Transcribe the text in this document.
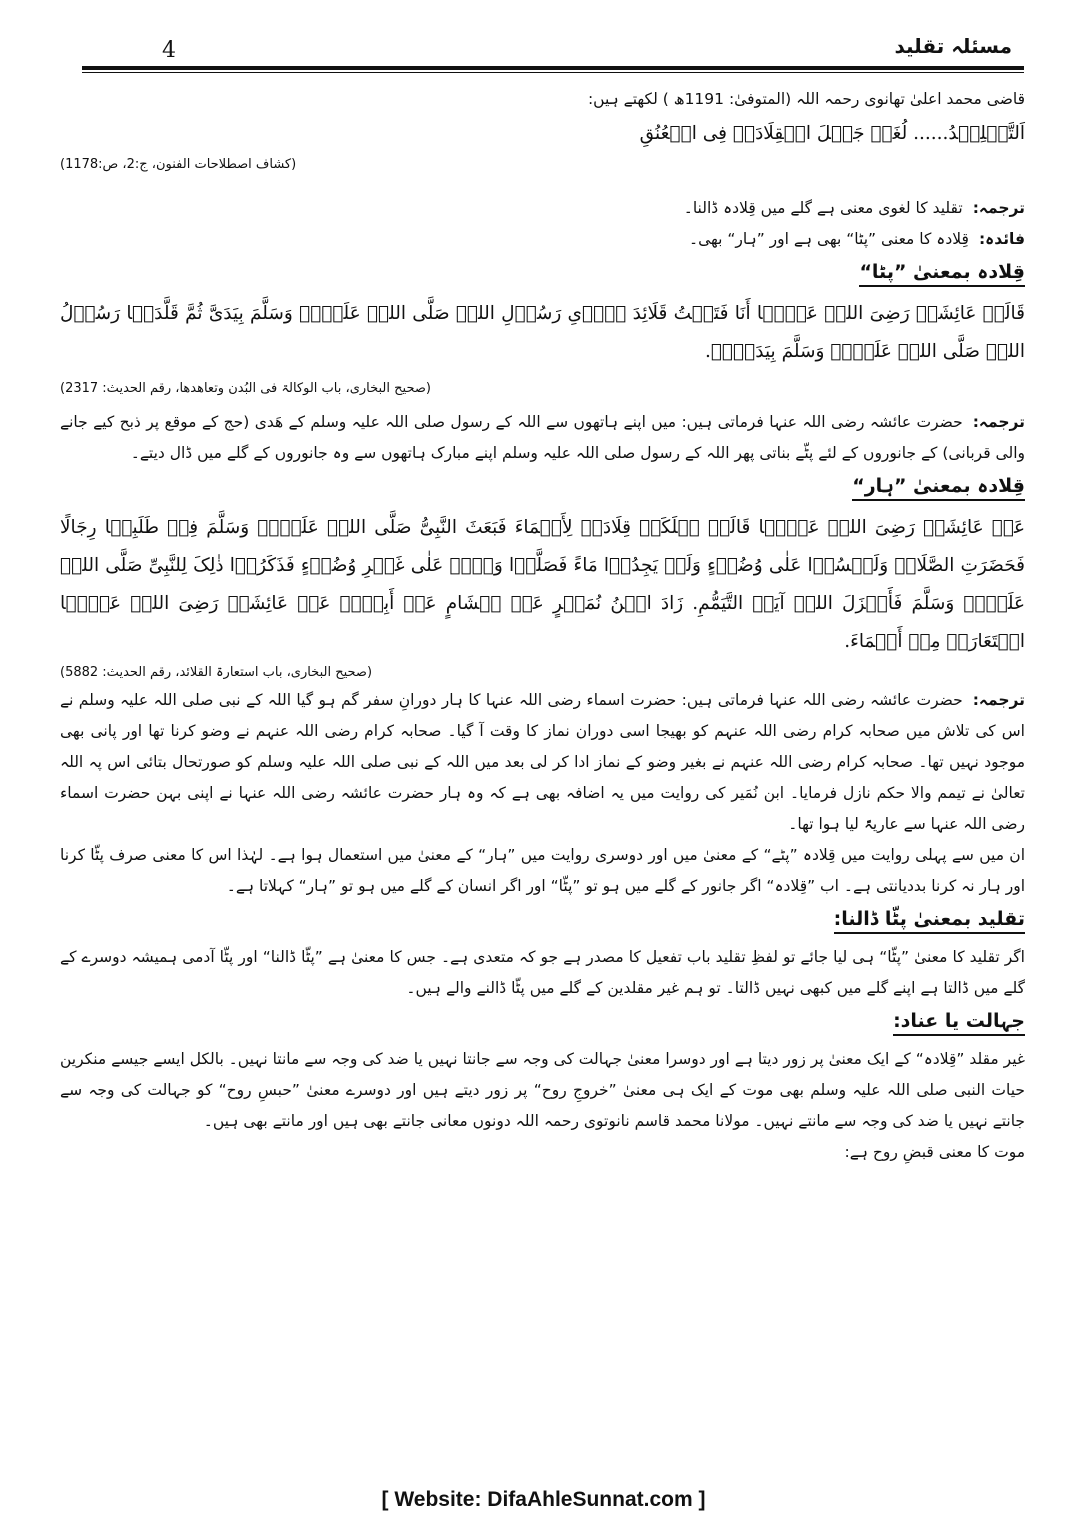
4	مسئلہ تقلید

قاضی محمد اعلیٰ تھانوی رحمہ اللہ (المتوفیٰ: 1191ھ ) لکھتے ہیں:

اَلتَّقۡلِیۡدُ...... لُغَۃً جَعۡلَ الۡقِلَادَۃِ فِی الۡعُنُقِ

(کشاف اصطلاحات الفنون، ج:2، ص:1178)

ترجمہ:تقلید کا لغوی معنی ہے گلے میں قِلادہ ڈالنا۔

فائدہ:قِلادہ کا معنی ”پٹا“ بھی ہے اور ”ہار“ بھی۔

قِلادہ بمعنیٰ ”پٹا“

قَالَتۡ عَائِشَۃُ رَضِیَ اللہُ عَنۡہَا أَنَا فَتَلۡتُ قَلَائِدَ ہَدۡیِ رَسُوۡلِ اللہِ صَلَّی اللہُ عَلَیۡہِ وَسَلَّمَ بِیَدَیَّ ثُمَّ قَلَّدَہَا رَسُوۡلُ اللہِ صَلَّی اللہُ عَلَیۡہِ وَسَلَّمَ بِیَدَیۡہِ.

(صحیح البخاری، باب الوکالۃ فی البُدن وتعاھدھا، رقم الحدیث: 2317)

ترجمہ:حضرت عائشہ رضی اللہ عنہا فرماتی ہیں: میں اپنے ہاتھوں سے اللہ کے رسول صلی اللہ علیہ وسلم کے ھَدی (حج کے موقع پر ذبح کیے جانے والی قربانی) کے جانوروں کے لئے پٹّے بناتی پھر اللہ کے رسول صلی اللہ علیہ وسلم اپنے مبارک ہاتھوں سے وہ جانوروں کے گلے میں ڈال دیتے۔

قِلادہ بمعنیٰ ”ہار“

عَنۡ عَائِشَۃَ رَضِیَ اللہُ عَنۡہَا قَالَتۡ ہَلَکَتۡ قِلَادَۃٌ لِأَسۡمَاءَ فَبَعَثَ النَّبِیُّ صَلَّی اللہُ عَلَیۡہِ وَسَلَّمَ فِیۡ طَلَبِہَا رِجَالًا فَحَضَرَتِ الصَّلَاۃُ وَلَیۡسُوۡا عَلٰی وُضُوۡءٍ وَلَمۡ یَجِدُوۡا مَاءً فَصَلَّوۡا وَہُمۡ عَلٰی غَیۡرِ وُضُوۡءٍ فَذَکَرُوۡا ذٰلِکَ لِلنَّبِیِّ صَلَّی اللہُ عَلَیۡہِ وَسَلَّمَ فَأَنۡزَلَ اللہُ آیَۃَ التَّیَمُّمِ. زَادَ ابۡنُ نُمَیۡرٍ عَنۡ ہِشَامٍ عَنۡ أَبِیۡہِ عَنۡ عَائِشَۃَ رَضِیَ اللہُ عَنۡہَا اسۡتَعَارَتۡ مِنۡ أَسۡمَاءَ.

(صحیح البخاری، باب استعارۃ القلائد، رقم الحدیث: 5882)

ترجمہ:حضرت عائشہ رضی اللہ عنہا فرماتی ہیں: حضرت اسماء رضی اللہ عنہا کا ہار دورانِ سفر گم ہو گیا اللہ کے نبی صلی اللہ علیہ وسلم نے اس کی تلاش میں صحابہ کرام رضی اللہ عنہم کو بھیجا اسی دوران نماز کا وقت آ گیا۔ صحابہ کرام رضی اللہ عنہم نے وضو کرنا تھا اور پانی بھی موجود نہیں تھا۔ صحابہ کرام رضی اللہ عنہم نے بغیر وضو کے نماز ادا کر لی بعد میں اللہ کے نبی صلی اللہ علیہ وسلم کو صورتحال بتائی اس پہ اللہ تعالیٰ نے تیمم والا حکم نازل فرمایا۔ ابن نُمَیر کی روایت میں یہ اضافہ بھی ہے کہ وہ ہار حضرت عائشہ رضی اللہ عنہا نے اپنی بہن حضرت اسماء رضی اللہ عنہا سے عاریۃً لیا ہوا تھا۔

ان میں سے پہلی روایت میں قِلادہ ”پٹے“ کے معنیٰ میں اور دوسری روایت میں ”ہار“ کے معنیٰ میں استعمال ہوا ہے۔ لہٰذا اس کا معنی صرف پٹّا کرنا اور ہار نہ کرنا بددیانتی ہے۔ اب ”قِلادہ“ اگر جانور کے گلے میں ہو تو ”پٹّا“ اور اگر انسان کے گلے میں ہو تو ”ہار“ کہلاتا ہے۔

تقلید بمعنیٰ پٹّا ڈالنا:

اگر تقلید کا معنیٰ ”پٹّا“ ہی لیا جائے تو لفظِ تقلید باب تفعیل کا مصدر ہے جو کہ متعدی ہے۔ جس کا معنیٰ ہے ”پٹّا ڈالنا“ اور پٹّا آدمی ہمیشہ دوسرے کے گلے میں ڈالتا ہے اپنے گلے میں کبھی نہیں ڈالتا۔ تو ہم غیر مقلدین کے گلے میں پٹّا ڈالنے والے ہیں۔

جہالت یا عناد:

غیر مقلد ”قِلادہ“ کے ایک معنیٰ پر زور دیتا ہے اور دوسرا معنیٰ جہالت کی وجہ سے جانتا نہیں یا ضد کی وجہ سے مانتا نہیں۔ بالکل ایسے جیسے منکرین حیات النبی صلی اللہ علیہ وسلم بھی موت کے ایک ہی معنیٰ ”خروجِ روح“ پر زور دیتے ہیں اور دوسرے معنیٰ ”حبسِ روح“ کو جہالت کی وجہ سے جانتے نہیں یا ضد کی وجہ سے مانتے نہیں۔ مولانا محمد قاسم نانوتوی رحمہ اللہ دونوں معانی جانتے بھی ہیں اور مانتے بھی ہیں۔

موت کا معنی قبضِ روح ہے:

[ Website: DifaAhleSunnat.com ]
